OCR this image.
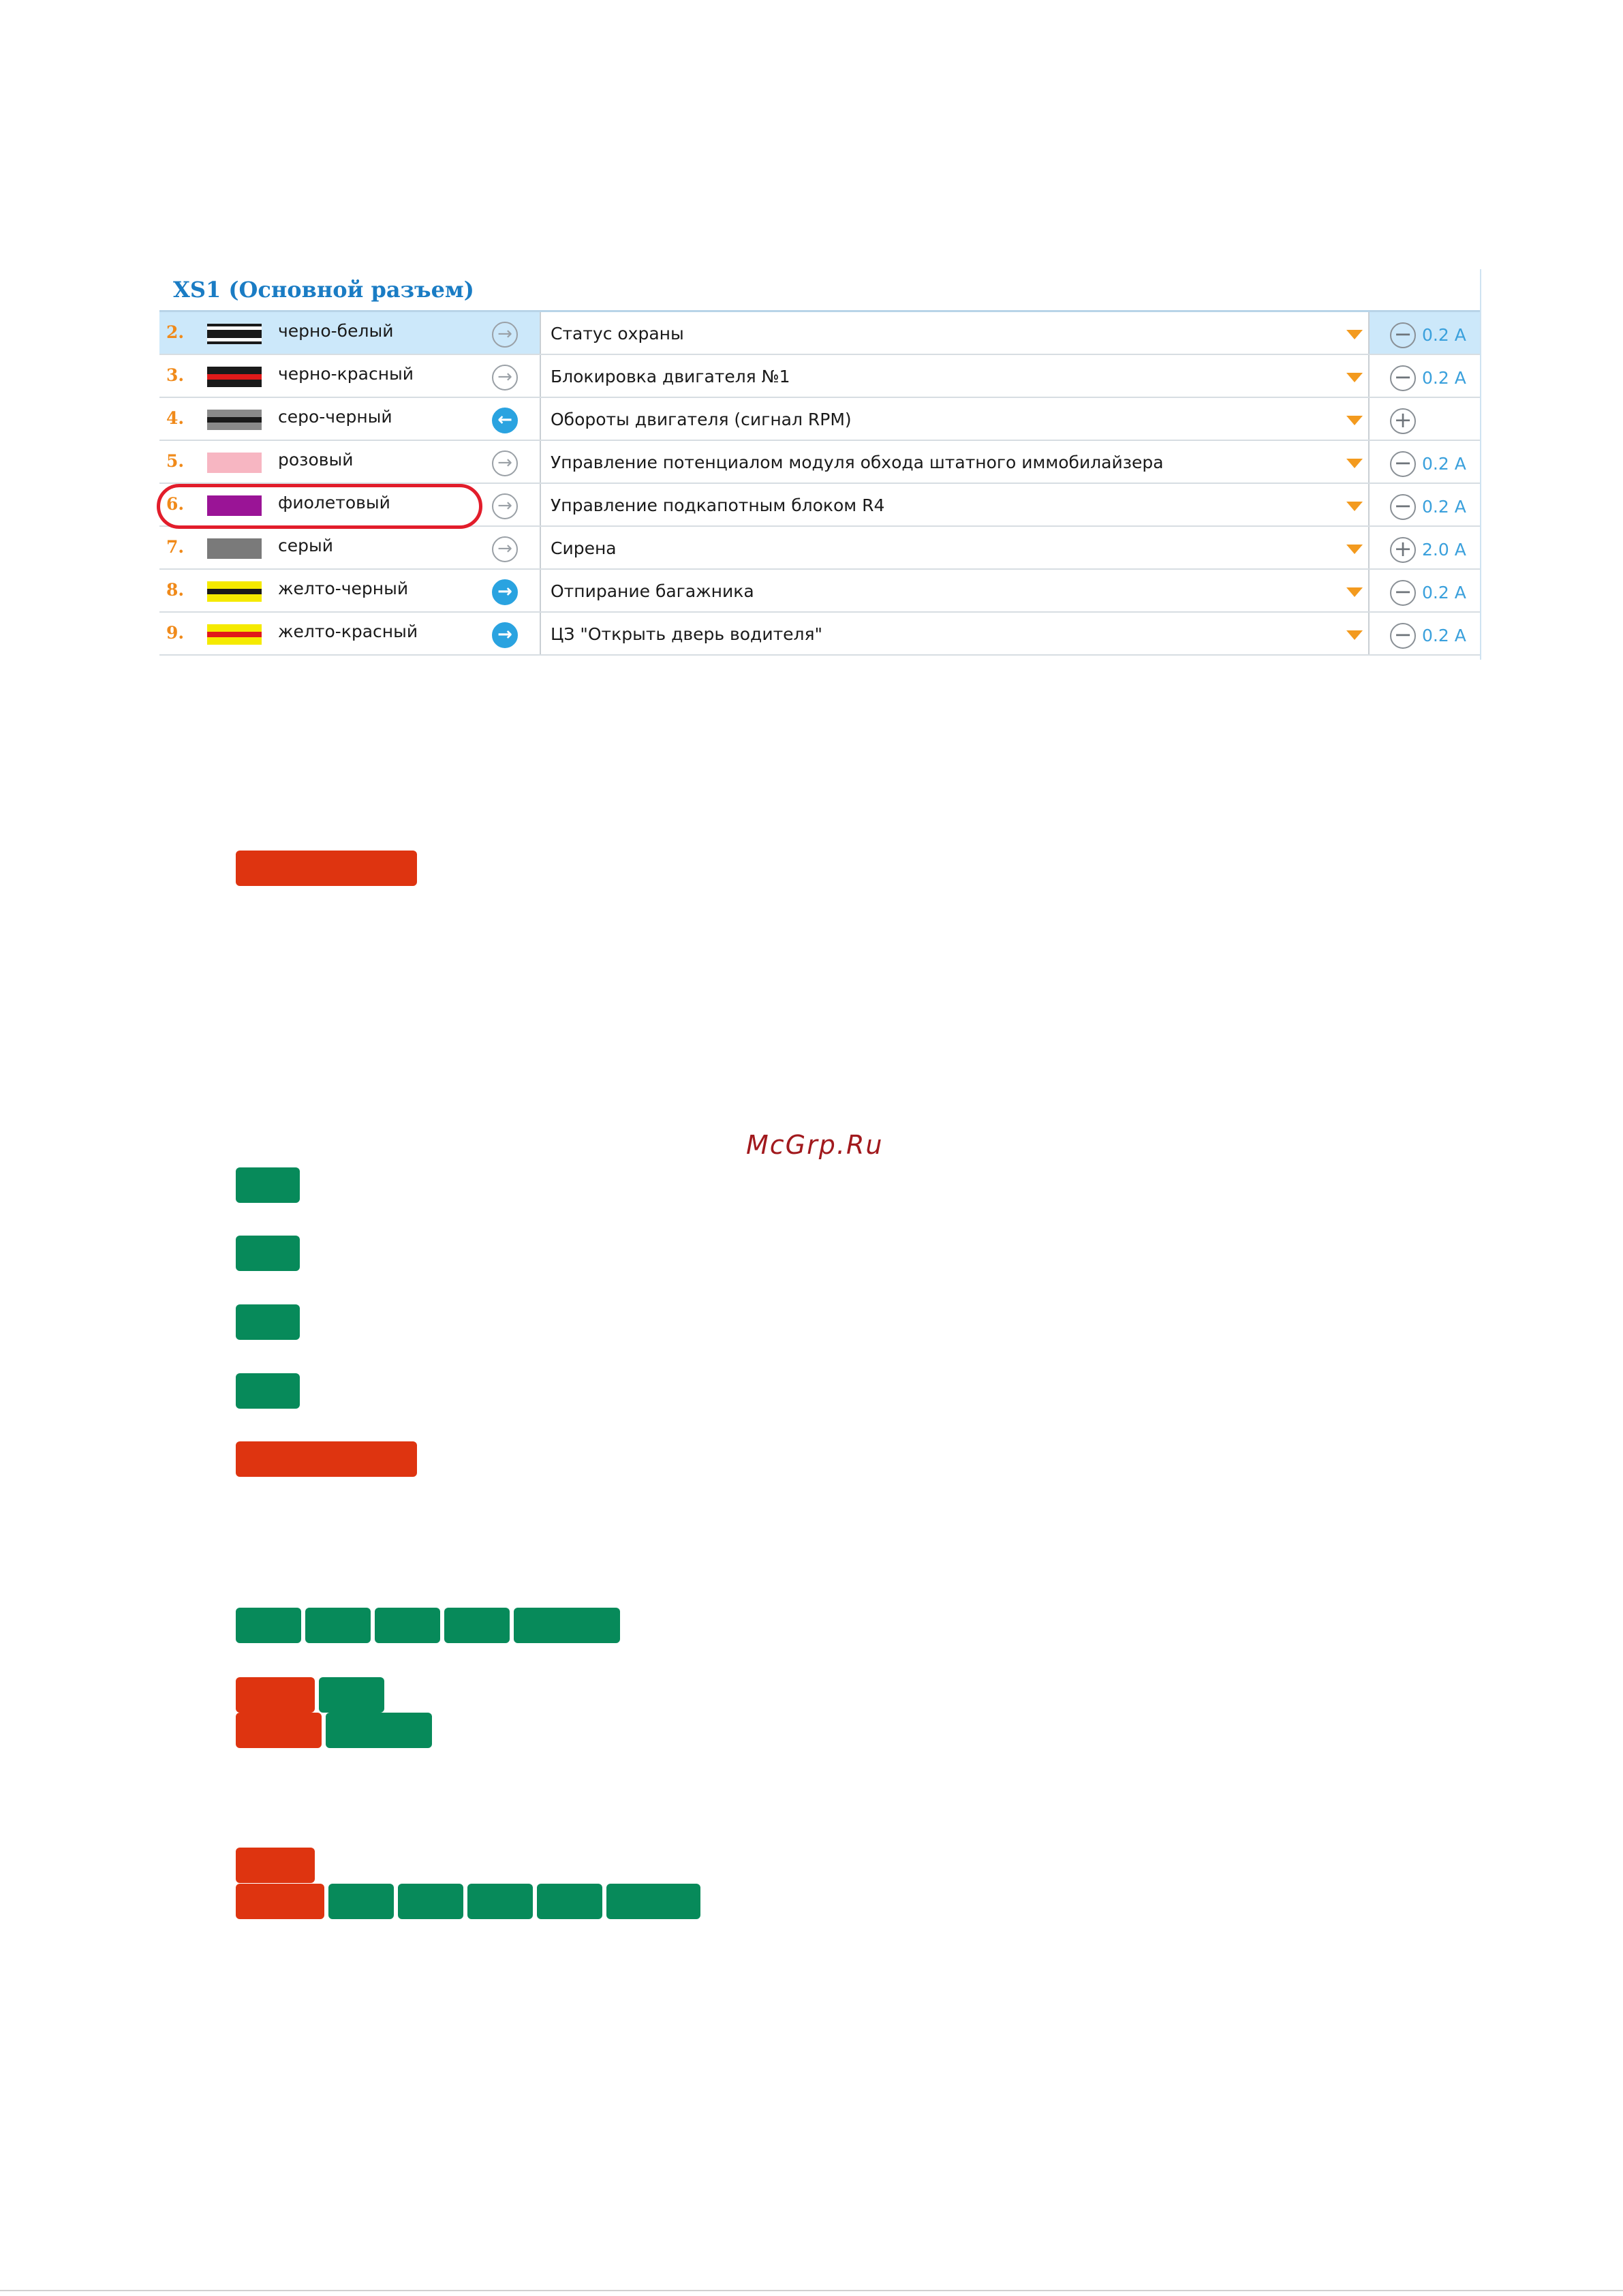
XS1 (Основной разъем)
2.	черно-белый	→	Статус охраны	− 0.2 A
3.	черно-красный	→	Блокировка двигателя №1	− 0.2 A
4.	серо-черный	←	Обороты двигателя (сигнал RPM)	+
5.	розовый	→	Управление потенциалом модуля обхода штатного иммобилайзера	− 0.2 A
6.	фиолетовый	→	Управление подкапотным блоком R4	− 0.2 A
7.	серый	→	Сирена	+ 2.0 A
8.	желто-черный	→	Отпирание багажника	− 0.2 A
9.	желто-красный	→	ЦЗ "Открыть дверь водителя"	− 0.2 A
McGrp.Ru
